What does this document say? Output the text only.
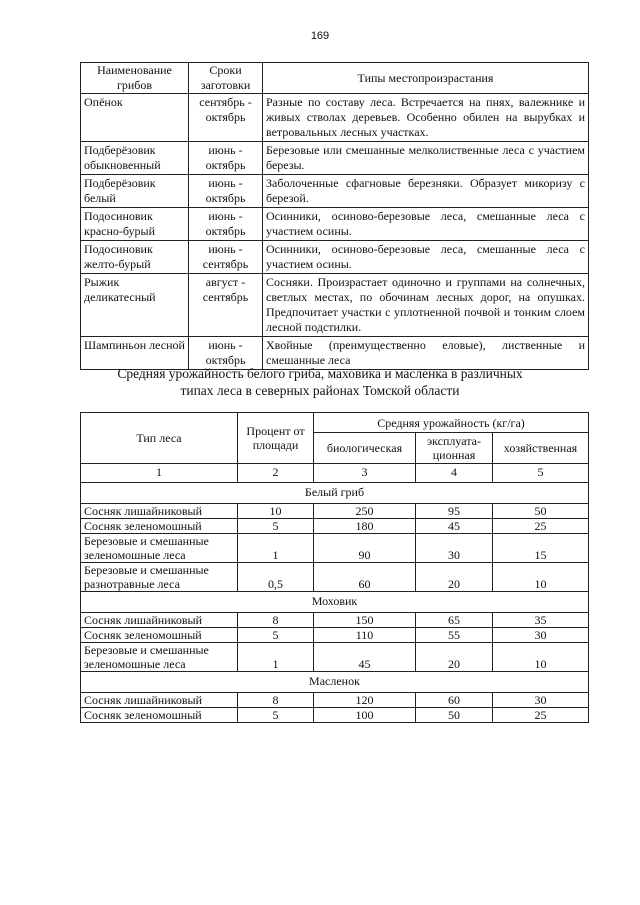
169
Наименование грибов	Сроки заготовки	Типы местопроизрастания
Опёнок	сентябрь - октябрь	Разные по составу леса. Встречается на пнях, валежнике и живых стволах деревьев. Особенно обилен на вырубках и ветровальных лесных участках.
Подберёзовик обыкновенный	июнь - октябрь	Березовые или смешанные мелколиственные леса с участием березы.
Подберёзовик белый	июнь - октябрь	Заболоченные сфагновые березняки. Образует микоризу с березой.
Подосиновик красно-бурый	июнь - октябрь	Осинники, осиново-березовые леса, смешанные леса с участием осины.
Подосиновик желто-бурый	июнь - сентябрь	Осинники, осиново-березовые леса, смешанные леса с участием осины.
Рыжик деликатесный	август - сентябрь	Сосняки. Произрастает одиночно и группами на солнечных, светлых местах, по обочинам лесных дорог, на опушках. Предпочитает участки с уплотненной почвой и тонким слоем лесной подстилки.
Шампиньон лесной	июнь - октябрь	Хвойные (преимущественно еловые), лиственные и смешанные леса
Средняя урожайность белого гриба, маховика и масленка в различных
типах леса в северных районах Томской области
Тип леса	Процент от площади	Средняя урожайность (кг/га)		
		биологическая	эксплуата-ционная	хозяйственная
1	2	3	4	5
Белый гриб				
Сосняк лишайниковый	10	250	95	50
Сосняк зеленомошный	5	180	45	25
Березовые и смешанные зеленомошные леса	1	90	30	15
Березовые и смешанные разнотравные леса	0,5	60	20	10
Моховик				
Сосняк лишайниковый	8	150	65	35
Сосняк зеленомошный	5	110	55	30
Березовые и смешанные зеленомошные леса	1	45	20	10
Масленок				
Сосняк лишайниковый	8	120	60	30
Сосняк зеленомошный	5	100	50	25
